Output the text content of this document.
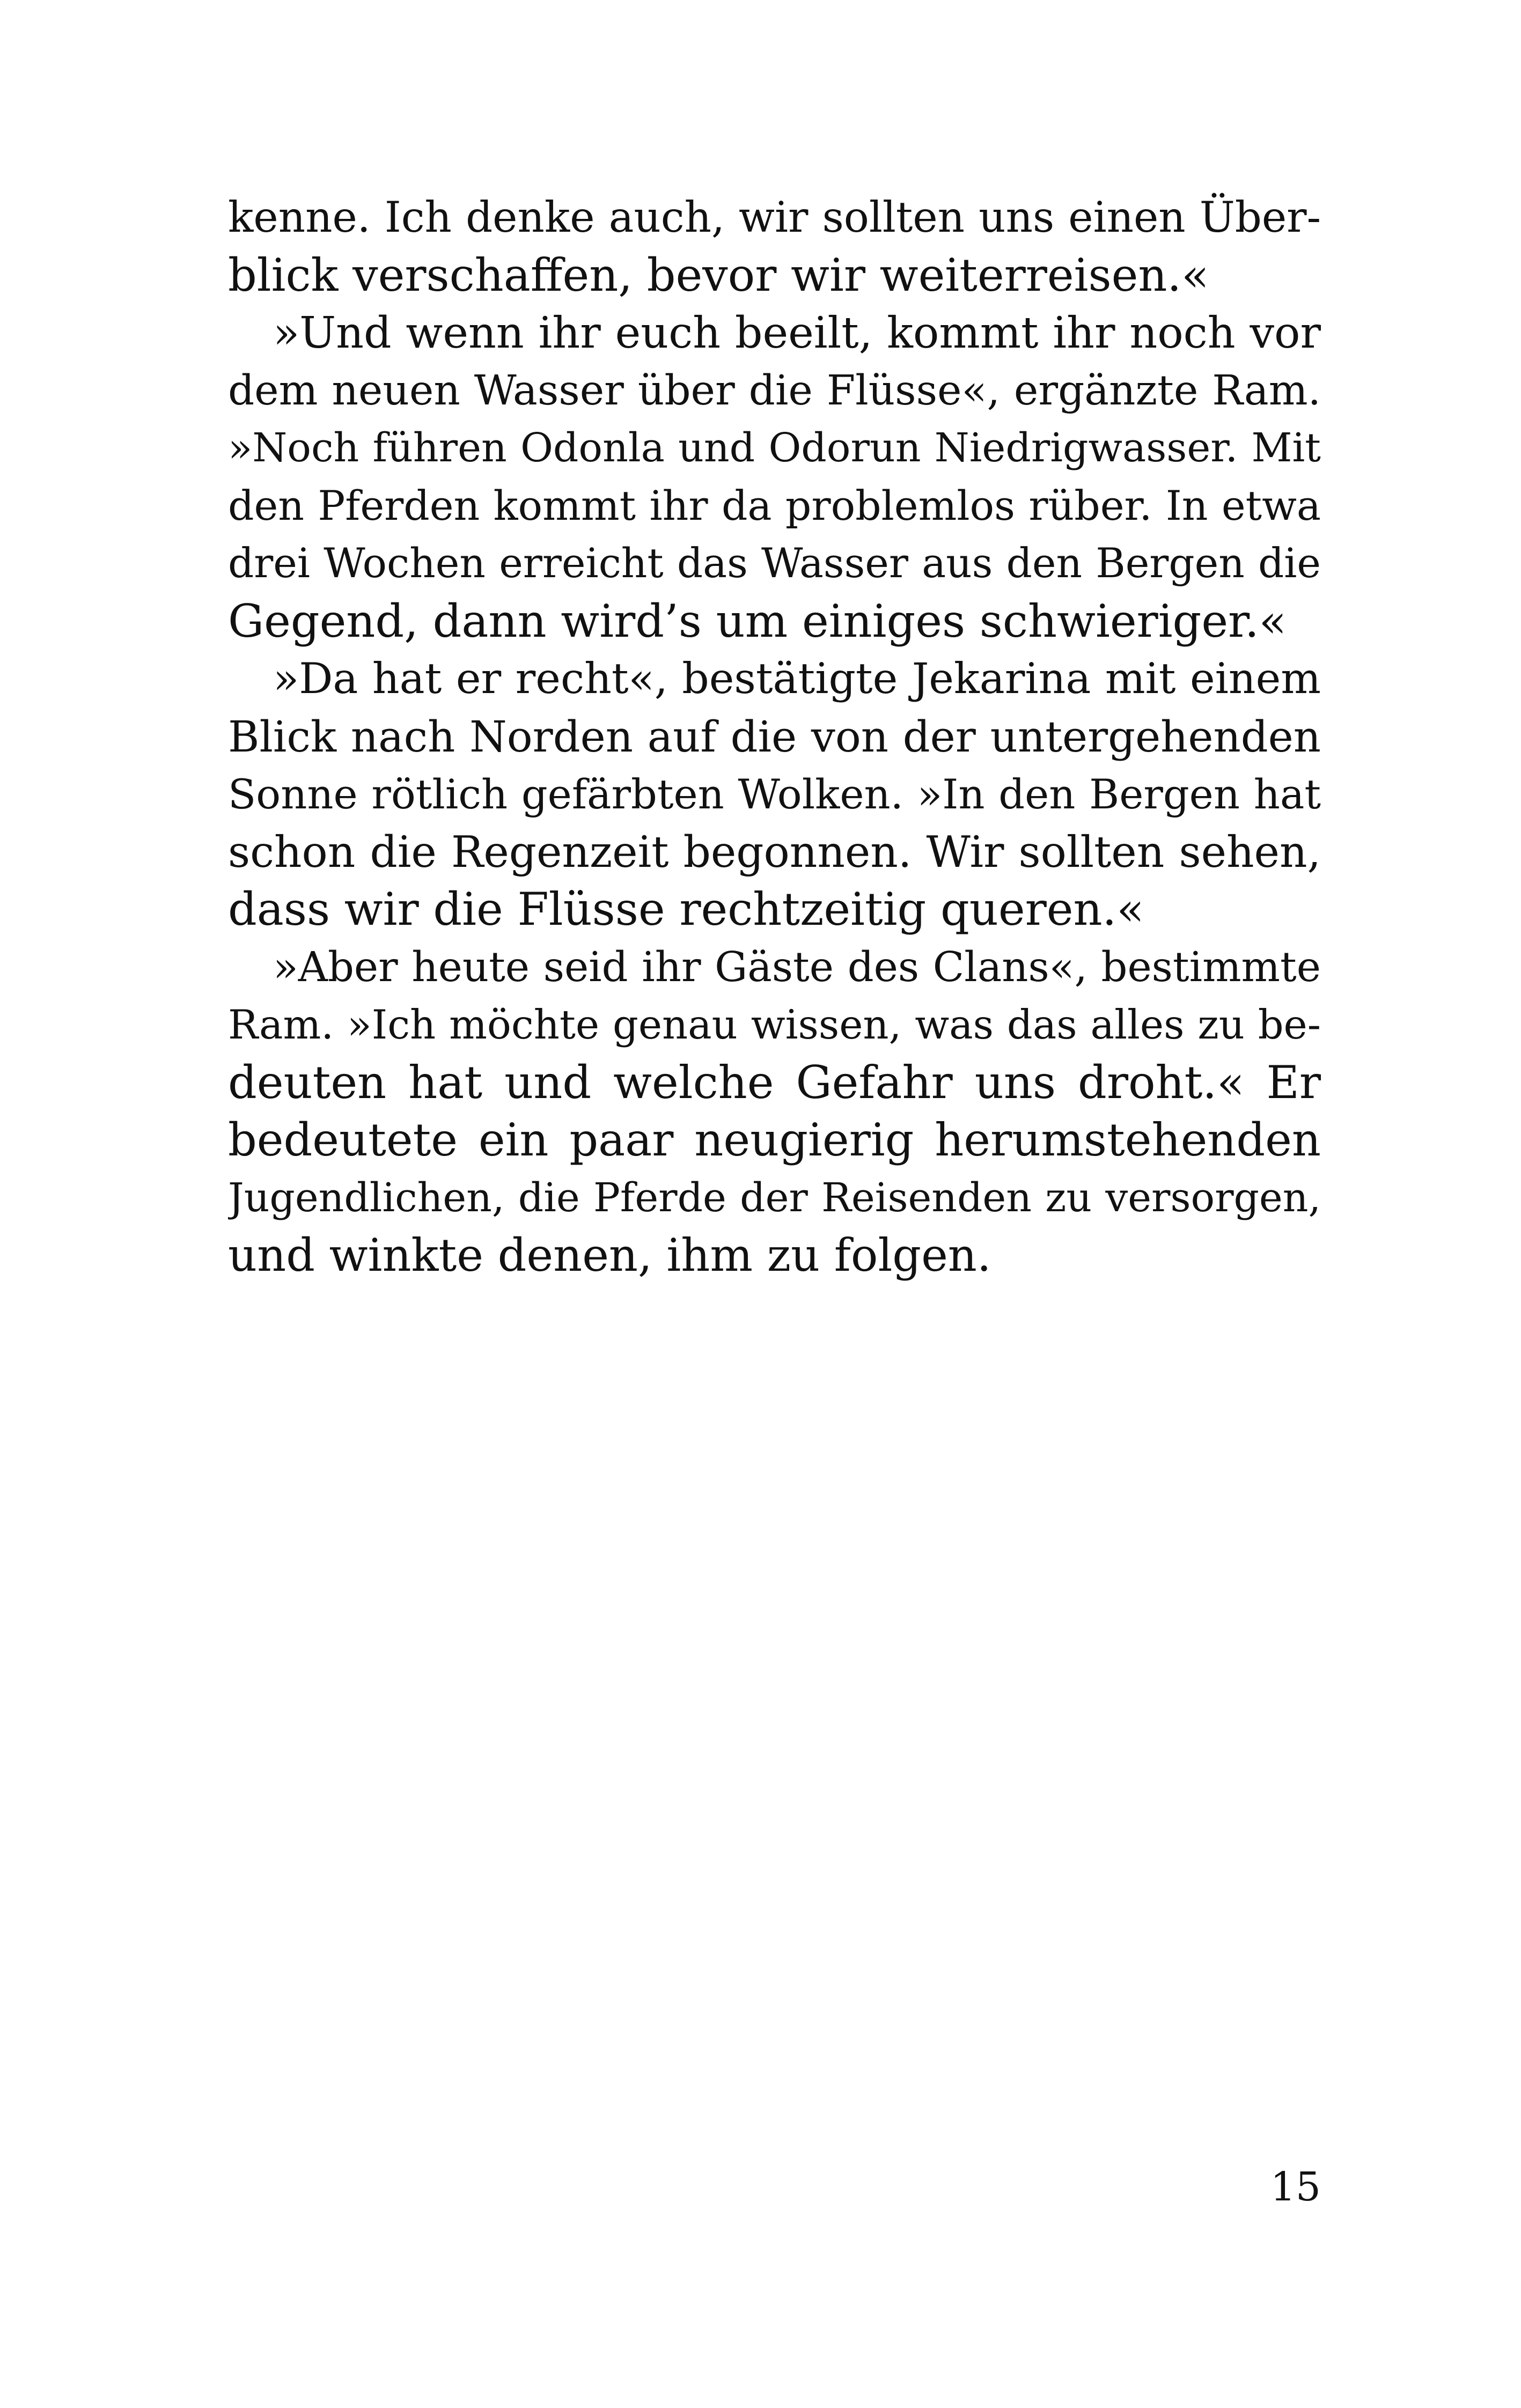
kenne. Ich denke auch, wir sollten uns einen Über-
blick verschaffen, bevor wir weiterreisen.«
»Und wenn ihr euch beeilt, kommt ihr noch vor
dem neuen Wasser über die Flüsse«, ergänzte Ram.
»Noch führen Odonla und Odorun Niedrigwasser. Mit
den Pferden kommt ihr da problemlos rüber. In etwa
drei Wochen erreicht das Wasser aus den Bergen die
Gegend, dann wird’s um einiges schwieriger.«
»Da hat er recht«, bestätigte Jekarina mit einem
Blick nach Norden auf die von der untergehenden
Sonne rötlich gefärbten Wolken. »In den Bergen hat
schon die Regenzeit begonnen. Wir sollten sehen,
dass wir die Flüsse rechtzeitig queren.«
»Aber heute seid ihr Gäste des Clans«, bestimmte
Ram. »Ich möchte genau wissen, was das alles zu be-
deuten hat und welche Gefahr uns droht.« Er
bedeutete ein paar neugierig herumstehenden
Jugendlichen, die Pferde der Reisenden zu versorgen,
und winkte denen, ihm zu folgen.
15
